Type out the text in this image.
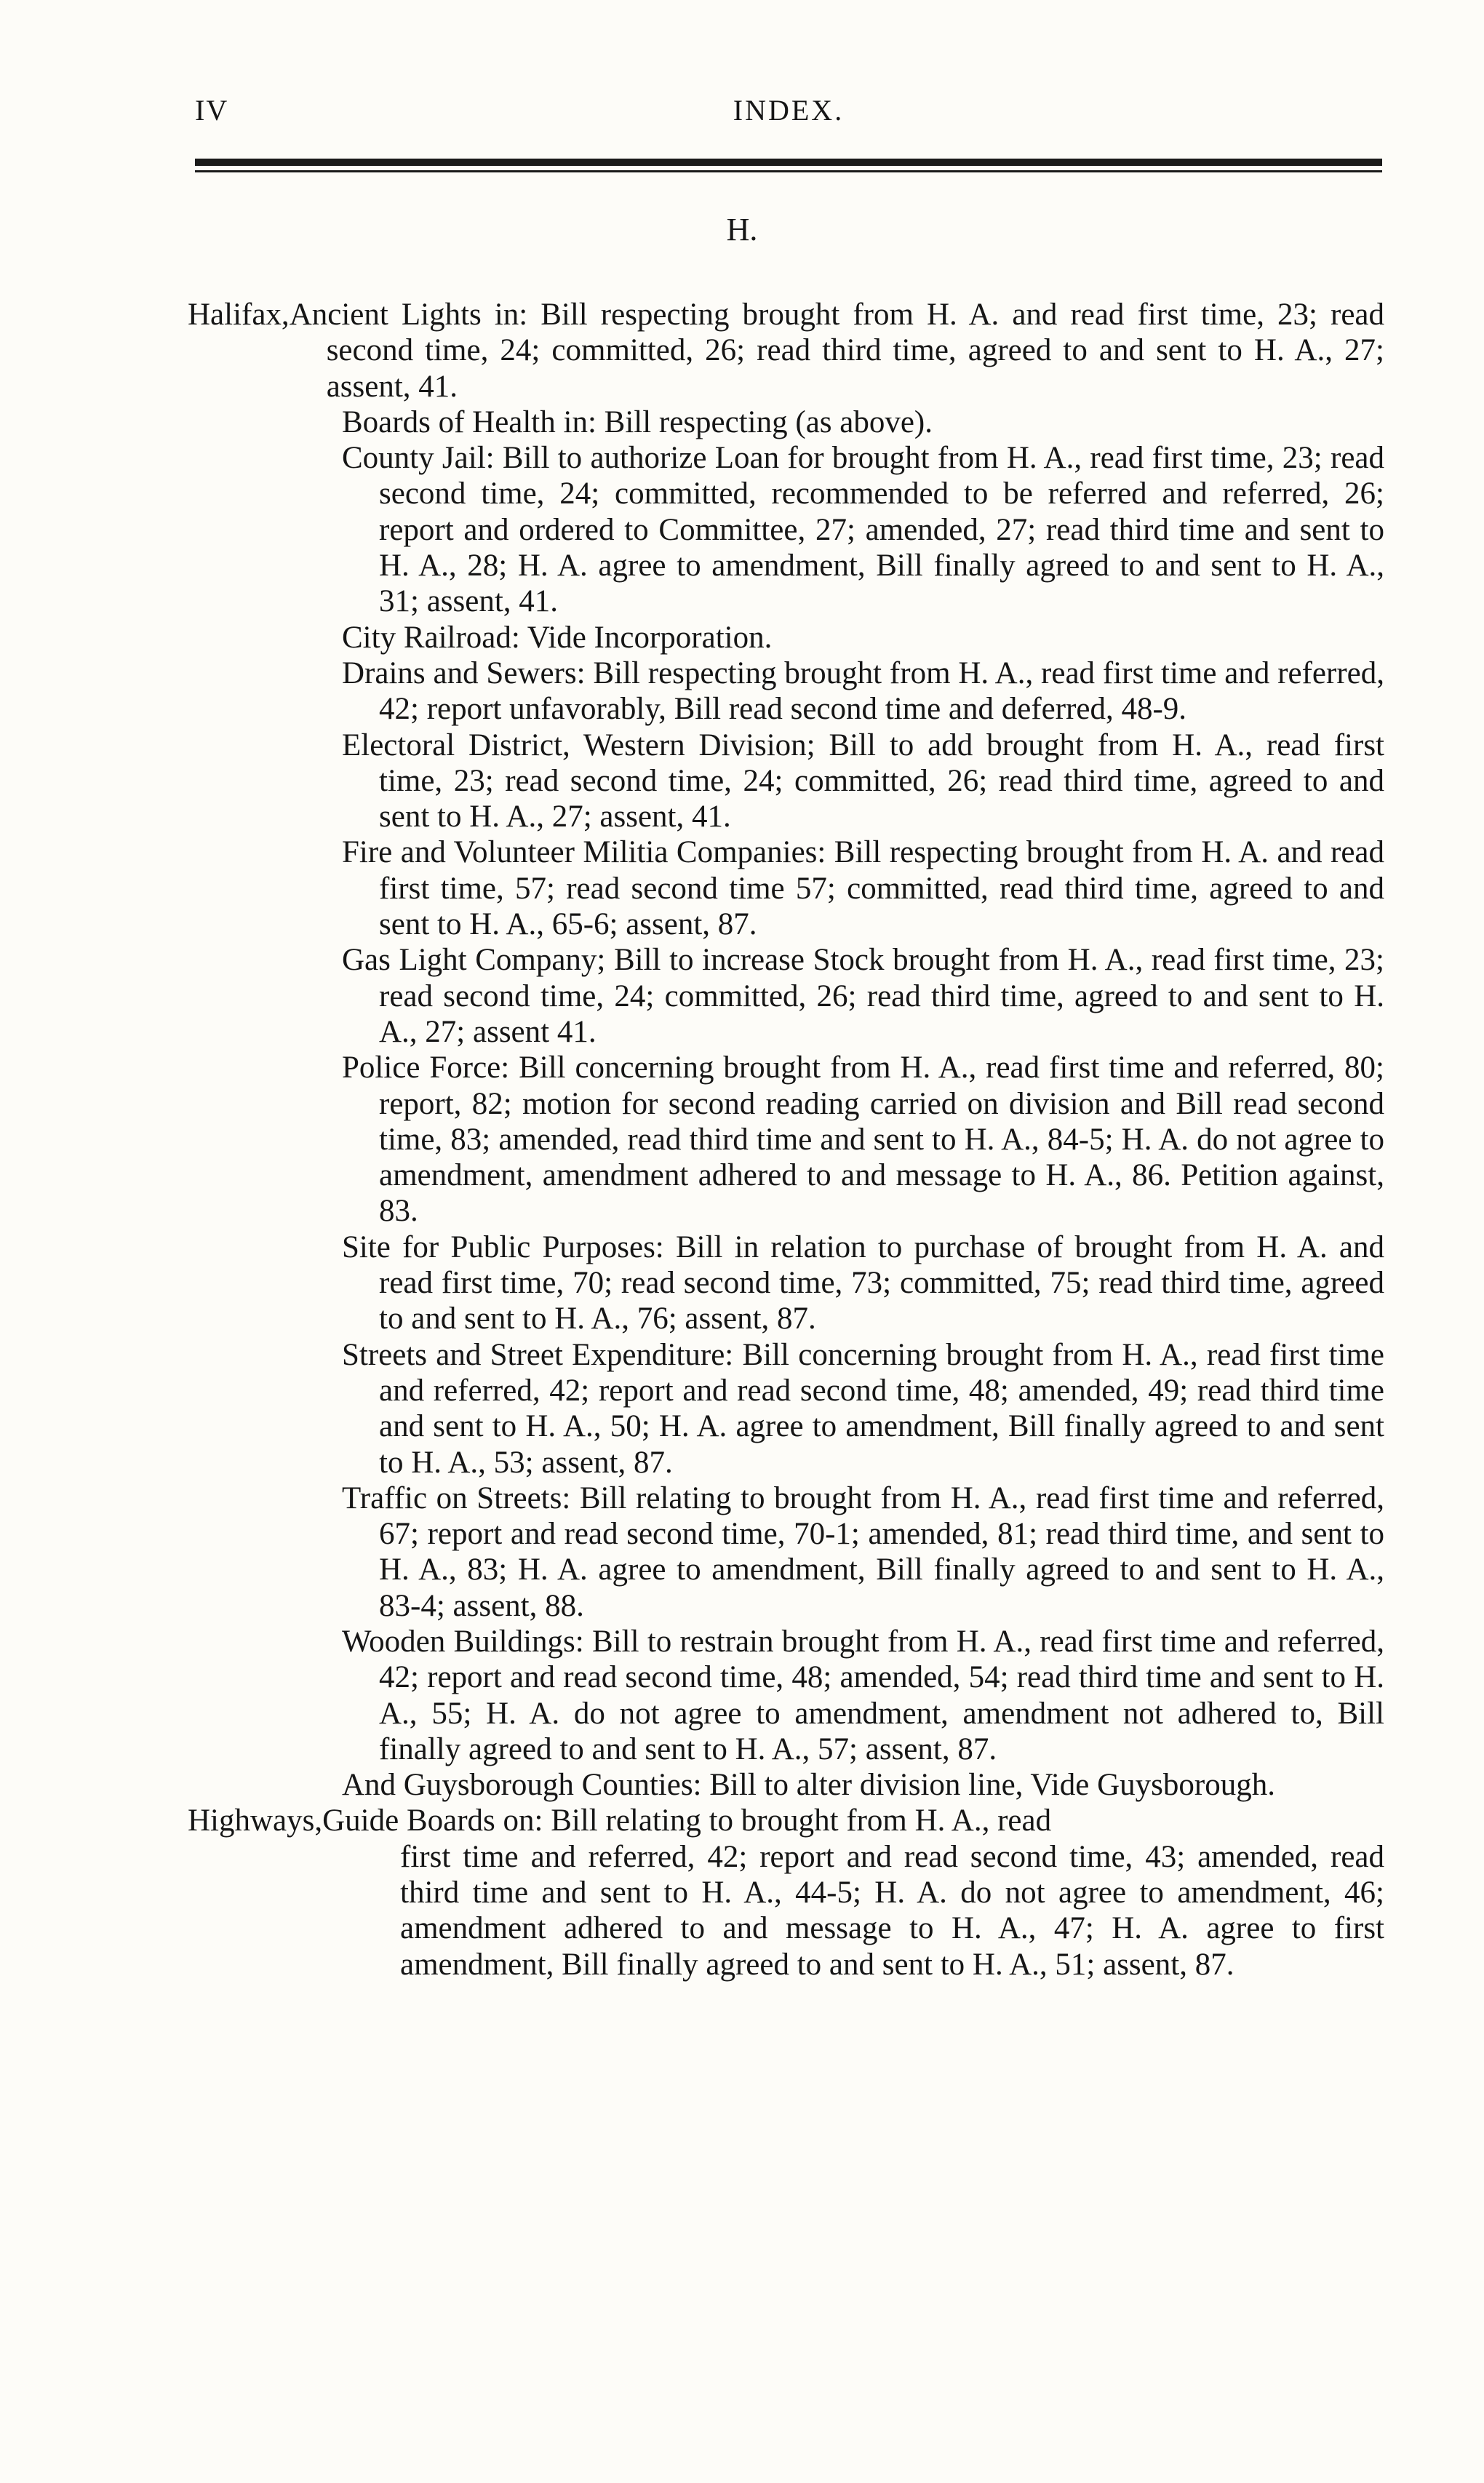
IV	INDEX.
H.
Halifax, Ancient Lights in: Bill respecting brought from H. A. and read first time, 23; read second time, 24; committed, 26; read third time, agreed to and sent to H. A., 27; assent, 41.
Boards of Health in: Bill respecting (as above).
County Jail: Bill to authorize Loan for brought from H. A., read first time, 23; read second time, 24; committed, recommended to be referred and referred, 26; report and ordered to Committee, 27; amended, 27; read third time and sent to H. A., 28; H. A. agree to amendment, Bill finally agreed to and sent to H. A., 31; assent, 41.
City Railroad: Vide Incorporation.
Drains and Sewers: Bill respecting brought from H. A., read first time and referred, 42; report unfavorably, Bill read second time and deferred, 48-9.
Electoral District, Western Division; Bill to add brought from H. A., read first time, 23; read second time, 24; committed, 26; read third time, agreed to and sent to H. A., 27; assent, 41.
Fire and Volunteer Militia Companies: Bill respecting brought from H. A. and read first time, 57; read second time 57; committed, read third time, agreed to and sent to H. A., 65-6; assent, 87.
Gas Light Company; Bill to increase Stock brought from H. A., read first time, 23; read second time, 24; committed, 26; read third time, agreed to and sent to H. A., 27; assent 41.
Police Force: Bill concerning brought from H. A., read first time and referred, 80; report, 82; motion for second reading carried on division and Bill read second time, 83; amended, read third time and sent to H. A., 84-5; H. A. do not agree to amendment, amendment adhered to and message to H. A., 86. Petition against, 83.
Site for Public Purposes: Bill in relation to purchase of brought from H. A. and read first time, 70; read second time, 73; committed, 75; read third time, agreed to and sent to H. A., 76; assent, 87.
Streets and Street Expenditure: Bill concerning brought from H. A., read first time and referred, 42; report and read second time, 48; amended, 49; read third time and sent to H. A., 50; H. A. agree to amendment, Bill finally agreed to and sent to H. A., 53; assent, 87.
Traffic on Streets: Bill relating to brought from H. A., read first time and referred, 67; report and read second time, 70-1; amended, 81; read third time, and sent to H. A., 83; H. A. agree to amendment, Bill finally agreed to and sent to H. A., 83-4; assent, 88.
Wooden Buildings: Bill to restrain brought from H. A., read first time and referred, 42; report and read second time, 48; amended, 54; read third time and sent to H. A., 55; H. A. do not agree to amendment, amendment not adhered to, Bill finally agreed to and sent to H. A., 57; assent, 87.
And Guysborough Counties: Bill to alter division line, Vide Guysborough.
Highways, Guide Boards on: Bill relating to brought from H. A., read
first time and referred, 42; report and read second time, 43; amended, read third time and sent to H. A., 44-5; H. A. do not agree to amendment, 46; amendment adhered to and message to H. A., 47; H. A. agree to first amendment, Bill finally agreed to and sent to H. A., 51; assent, 87.
